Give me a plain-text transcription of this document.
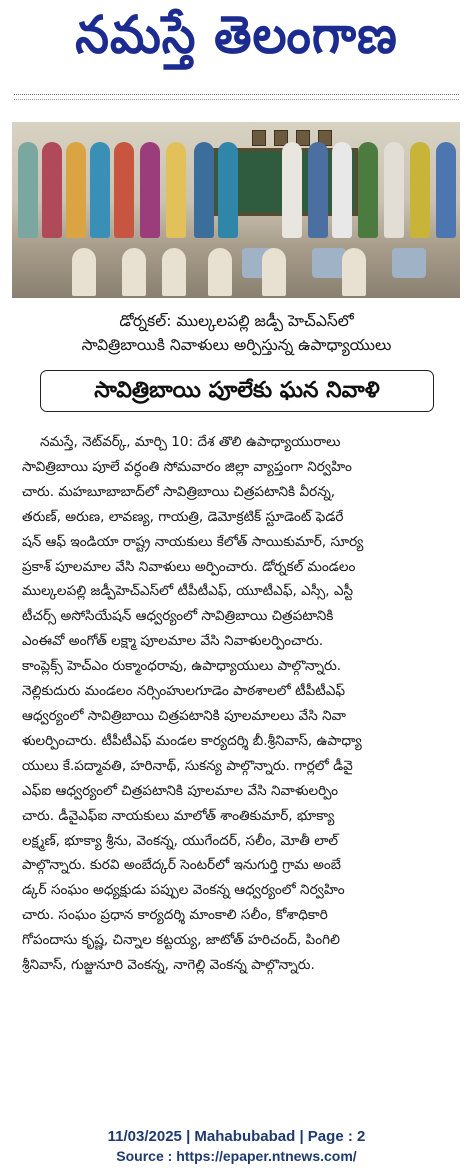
నమస్తే తెలంగాణ
డోర్నకల్: ముల్కలపల్లి జడ్పీ హెచ్ఎస్‌లో
సావిత్రిబాయికి నివాళులు అర్పిస్తున్న ఉపాధ్యాయులు
సావిత్రిబాయి పూలేకు ఘన నివాళి
నమస్తే, నెట్‌వర్క్, మార్చి 10: దేశ తొలి ఉపాధ్యాయురాలు
సావిత్రిబాయి పూలే వర్ధంతి సోమవారం జిల్లా వ్యాప్తంగా నిర్వహిం
చారు. మహబూబాబాద్‌లో సావిత్రిబాయి చిత్రపటానికి వీరన్న,
తరుణ్, అరుణ, లావణ్య, గాయత్రి, డెమోక్రటిక్ స్టూడెంట్ ఫెడరే
షన్ ఆఫ్ ఇండియా రాష్ట్ర నాయకులు కేలోత్ సాయికుమార్, సూర్య
ప్రకాశ్ పూలమాల వేసి నివాళులు అర్పించారు. డోర్నకల్ మండలం
ముల్కలపల్లి జడ్పీహెచ్ఎస్‌లో టీపీటీఎఫ్, యూటీఎఫ్, ఎస్సీ, ఎస్టీ
టీచర్స్ అసోసియేషన్ ఆధ్వర్యంలో సావిత్రిబాయి చిత్రపటానికి
ఎంఈవో అంగోత్ లక్ష్మా పూలమాల వేసి నివాళులర్పించారు.
కాంప్లెక్స్ హెచ్ఎం రుక్మాంధరావు, ఉపాధ్యాయులు పాల్గొన్నారు.
నెల్లికుదురు మండలం నర్సింహులగూడెం పాఠశాలలో టీపీటీఎఫ్
ఆధ్వర్యంలో సావిత్రిబాయి చిత్రపటానికి పూలమాలలు వేసి నివా
ళులర్పించారు. టీపీటీఎఫ్ మండల కార్యదర్శి బీ.శ్రీనివాస్, ఉపాధ్యా
యులు కే.పద్మావతి, హరినాథ్, సుకన్య పాల్గొన్నారు. గార్లలో డీవై
ఎఫ్ఐ ఆధ్వర్యంలో చిత్రపటానికి పూలమాల వేసి నివాళులర్పిం
చారు. డీవైఎఫ్ఐ నాయకులు మాలోత్ శాంతికుమార్, భూక్యా
లక్ష్మణ్, భూక్యా శ్రీను, వెంకన్న, యుగేందర్, సలీం, మోతీ లాల్
పాల్గొన్నారు. కురవి అంబేద్కర్ సెంటర్‌లో ఇనుగుర్తి గ్రామ అంబే
డ్కర్ సంఘం అధ్యక్షుడు పప్పుల వెంకన్న ఆధ్వర్యంలో నిర్వహిం
చారు. సంఘం ప్రధాన కార్యదర్శి మాంకాలి సలీం, కోశాధికారి
గోపందాసు కృష్ణ, చిన్నాల కట్టయ్య, జాటోత్ హరిచంద్, పింగిలి
శ్రీనివాస్, గుజ్జునూరి వెంకన్న, నాగెల్లి వెంకన్న పాల్గొన్నారు.
11/03/2025 | Mahabubabad | Page : 2
Source : https://epaper.ntnews.com/
